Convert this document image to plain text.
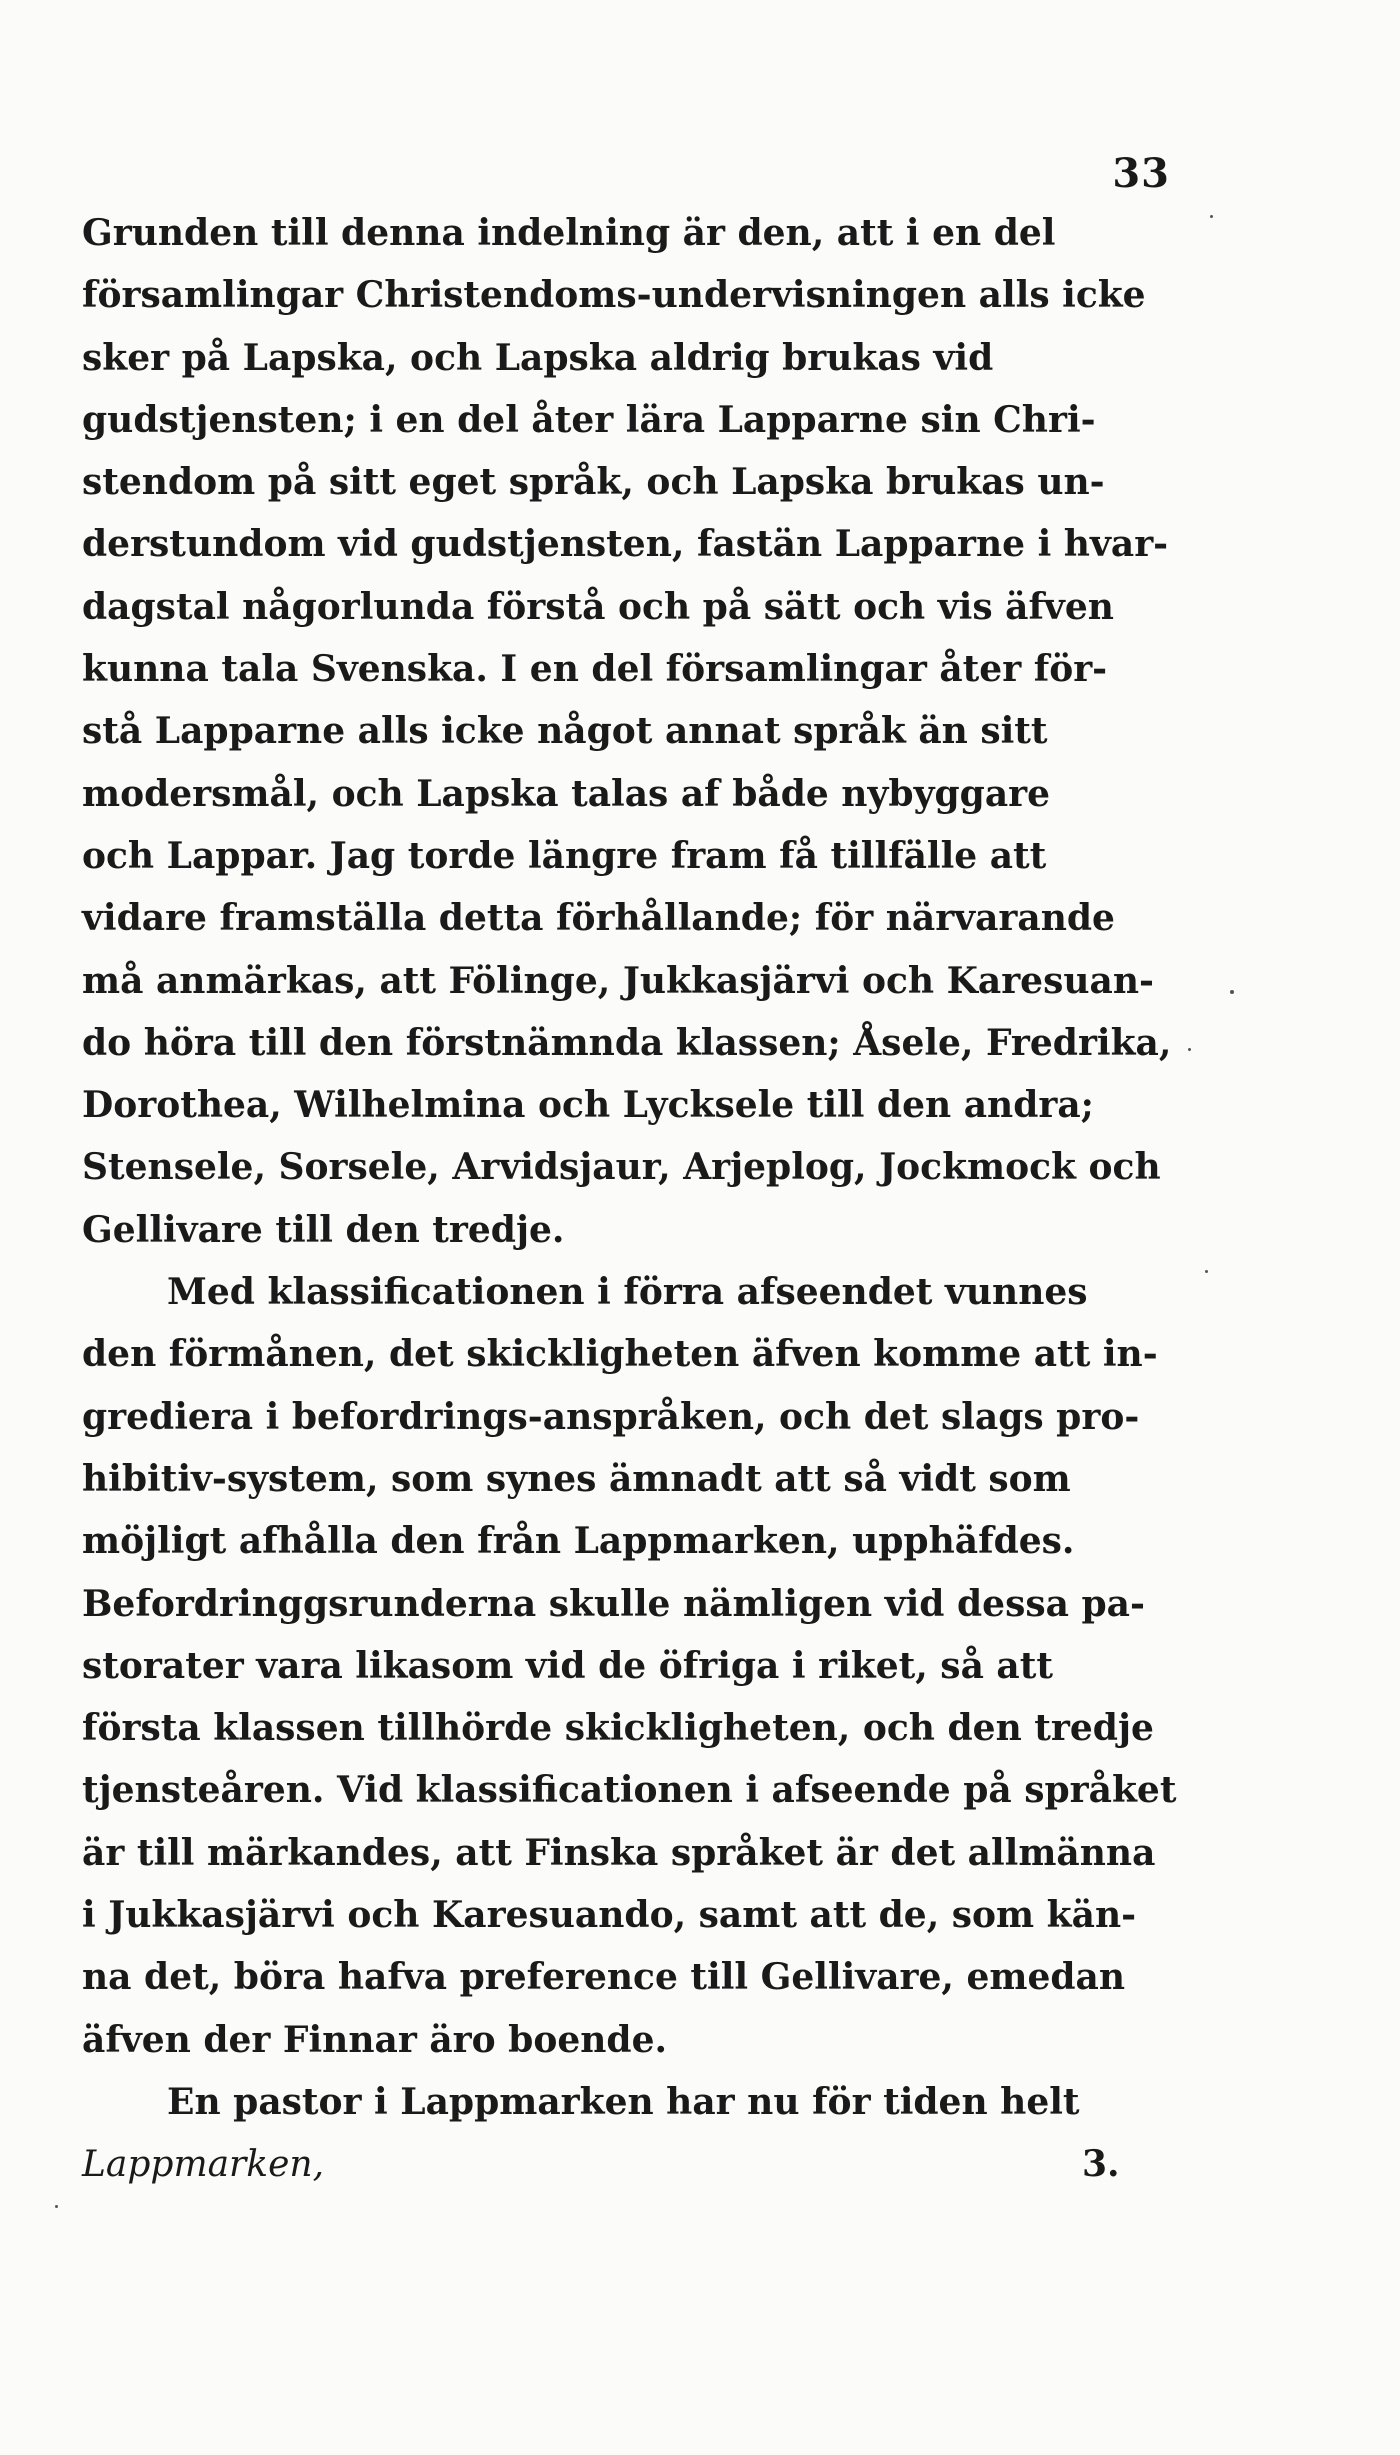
33
Grunden till denna indelning är den, att i en del
församlingar Christendoms-undervisningen alls icke
sker på Lapska, och Lapska aldrig brukas vid
gudstjensten; i en del åter lära Lapparne sin Chri-
stendom på sitt eget språk, och Lapska brukas un-
derstundom vid gudstjensten, fastän Lapparne i hvar-
dagstal någorlunda förstå och på sätt och vis äfven
kunna tala Svenska. I en del församlingar åter för-
stå Lapparne alls icke något annat språk än sitt
modersmål, och Lapska talas af både nybyggare
och Lappar. Jag torde längre fram få tillfälle att
vidare framställa detta förhållande; för närvarande
må anmärkas, att Fölinge, Jukkasjärvi och Karesuan-
do höra till den förstnämnda klassen; Åsele, Fredrika,
Dorothea, Wilhelmina och Lycksele till den andra;
Stensele, Sorsele, Arvidsjaur, Arjeplog, Jockmock och
Gellivare till den tredje.
Med klassificationen i förra afseendet vunnes
den förmånen, det skickligheten äfven komme att in-
grediera i befordrings-anspråken, och det slags pro-
hibitiv-system, som synes ämnadt att så vidt som
möjligt afhålla den från Lappmarken, upphäfdes.
Befordringgsrunderna skulle nämligen vid dessa pa-
storater vara likasom vid de öfriga i riket, så att
första klassen tillhörde skickligheten, och den tredje
tjensteåren. Vid klassificationen i afseende på språket
är till märkandes, att Finska språket är det allmänna
i Jukkasjärvi och Karesuando, samt att de, som kän-
na det, böra hafva preference till Gellivare, emedan
äfven der Finnar äro boende.
En pastor i Lappmarken har nu för tiden helt
Lappmarken,	3.
